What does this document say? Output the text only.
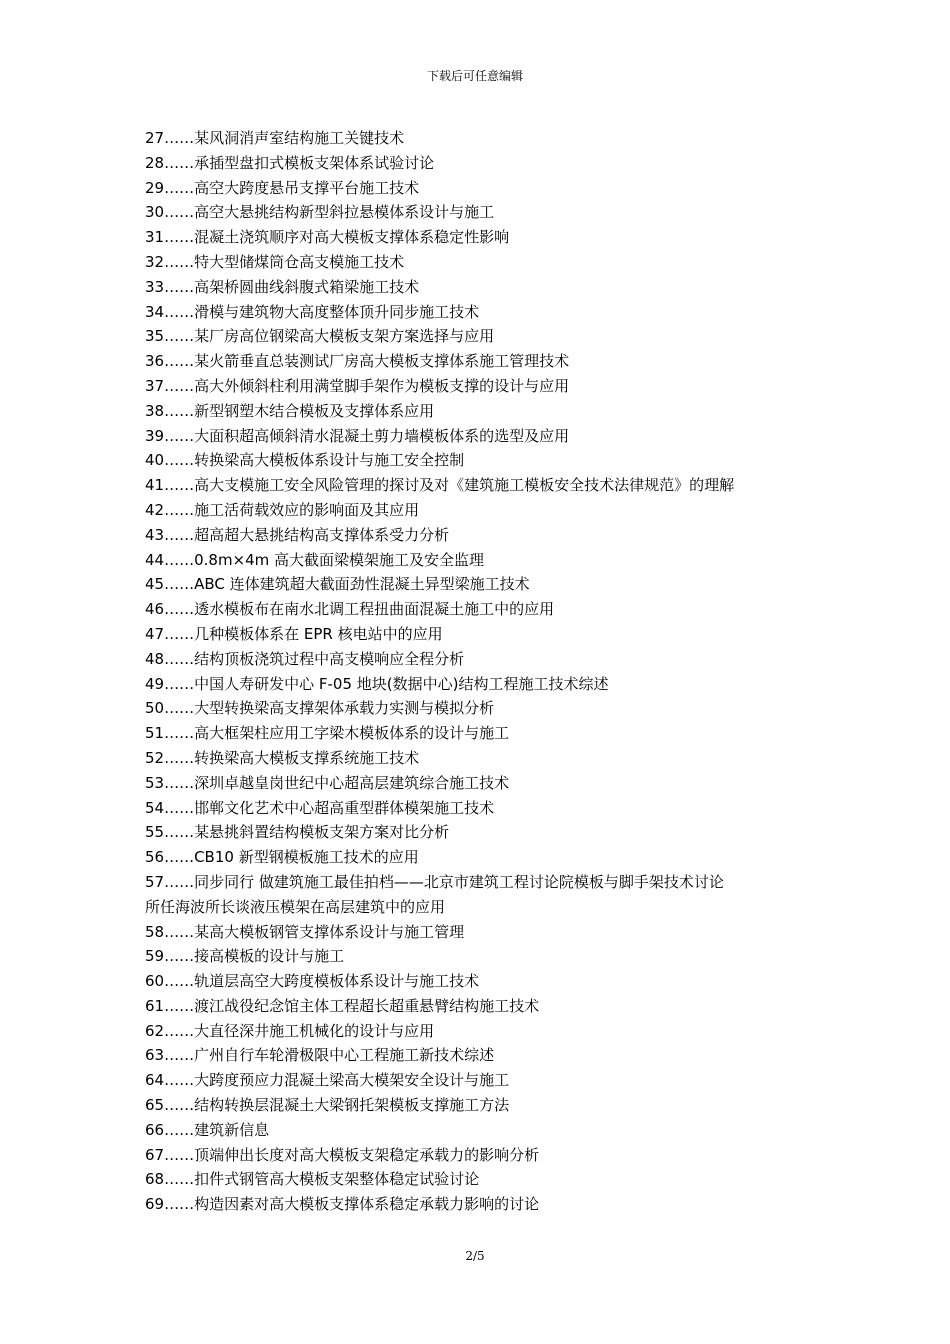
下载后可任意编辑
27……某风洞消声室结构施工关键技术
28……承插型盘扣式模板支架体系试验讨论
29……高空大跨度悬吊支撑平台施工技术
30……高空大悬挑结构新型斜拉悬模体系设计与施工
31……混凝土浇筑顺序对高大模板支撑体系稳定性影响
32……特大型储煤筒仓高支模施工技术
33……高架桥圆曲线斜腹式箱梁施工技术
34……滑模与建筑物大高度整体顶升同步施工技术
35……某厂房高位钢梁高大模板支架方案选择与应用
36……某火箭垂直总装测试厂房高大模板支撑体系施工管理技术
37……高大外倾斜柱利用满堂脚手架作为模板支撑的设计与应用
38……新型钢塑木结合模板及支撑体系应用
39……大面积超高倾斜清水混凝土剪力墙模板体系的选型及应用
40……转换梁高大模板体系设计与施工安全控制
41……高大支模施工安全风险管理的探讨及对《建筑施工模板安全技术法律规范》的理解
42……施工活荷载效应的影响面及其应用
43……超高超大悬挑结构高支撑体系受力分析
44……0.8m×4m 高大截面梁模架施工及安全监理
45……ABC 连体建筑超大截面劲性混凝土异型梁施工技术
46……透水模板布在南水北调工程扭曲面混凝土施工中的应用
47……几种模板体系在 EPR 核电站中的应用
48……结构顶板浇筑过程中高支模响应全程分析
49……中国人寿研发中心 F-05 地块(数据中心)结构工程施工技术综述
50……大型转换梁高支撑架体承载力实测与模拟分析
51……高大框架柱应用工字梁木模板体系的设计与施工
52……转换梁高大模板支撑系统施工技术
53……深圳卓越皇岗世纪中心超高层建筑综合施工技术
54……邯郸文化艺术中心超高重型群体模架施工技术
55……某悬挑斜置结构模板支架方案对比分析
56……CB10 新型钢模板施工技术的应用
57……同步同行 做建筑施工最佳拍档——北京市建筑工程讨论院模板与脚手架技术讨论
所任海波所长谈液压模架在高层建筑中的应用
58……某高大模板钢管支撑体系设计与施工管理
59……接高模板的设计与施工
60……轨道层高空大跨度模板体系设计与施工技术
61……渡江战役纪念馆主体工程超长超重悬臂结构施工技术
62……大直径深井施工机械化的设计与应用
63……广州自行车轮滑极限中心工程施工新技术综述
64……大跨度预应力混凝土梁高大模架安全设计与施工
65……结构转换层混凝土大梁钢托架模板支撑施工方法
66……建筑新信息
67……顶端伸出长度对高大模板支架稳定承载力的影响分析
68……扣件式钢管高大模板支架整体稳定试验讨论
69……构造因素对高大模板支撑体系稳定承载力影响的讨论
2/5
